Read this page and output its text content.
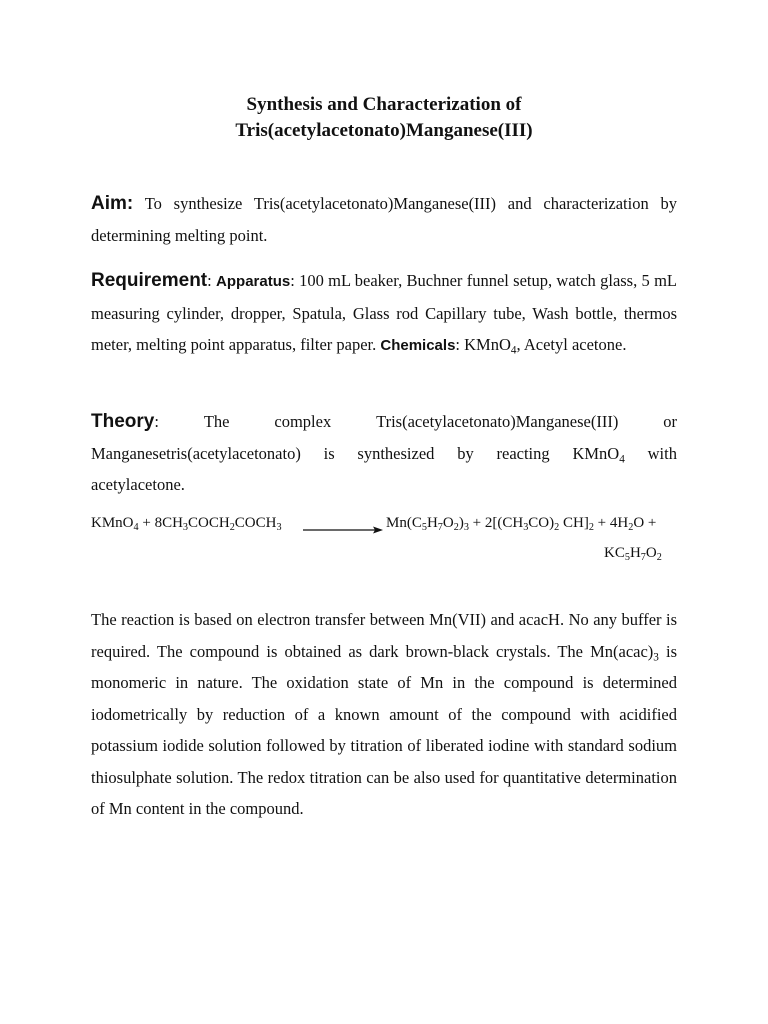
Synthesis and Characterization of
Tris(acetylacetonato)Manganese(III)
Aim: To synthesize Tris(acetylacetonato)Manganese(III) and characterization by determining melting point.
Requirement: Apparatus: 100 mL beaker, Buchner funnel setup, watch glass, 5 mL measuring cylinder, dropper, Spatula, Glass rod Capillary tube, Wash bottle, thermos meter, melting point apparatus, filter paper. Chemicals: KMnO$_4$, Acetyl acetone.
Theory:	The	complex	Tris(acetylacetonato)Manganese(III)	or
Manganesetris(acetylacetonato) is synthesized by reacting KMnO$_4$ with
acetylacetone.
KMnO$_4$ + $8CH_3COCH_2COCH_3$	$Mn(C_5H_7O_2)_3 + 2[(CH_3CO)_2$ $CH]_2 + 4H_2O$ +
$KC_5H_7O_2$
The reaction is based on electron transfer between Mn(VII) and acacH. No any buffer is required. The compound is obtained as dark brown-black crystals. The $Mn(acac)_3$ is monomeric in nature. The oxidation state of Mn in the compound is determined iodometrically by reduction of a known amount of the compound with acidified potassium iodide solution followed by titration of liberated iodine with standard sodium thiosulphate solution. The redox titration can be also used for quantitative determination of Mn content in the compound.
